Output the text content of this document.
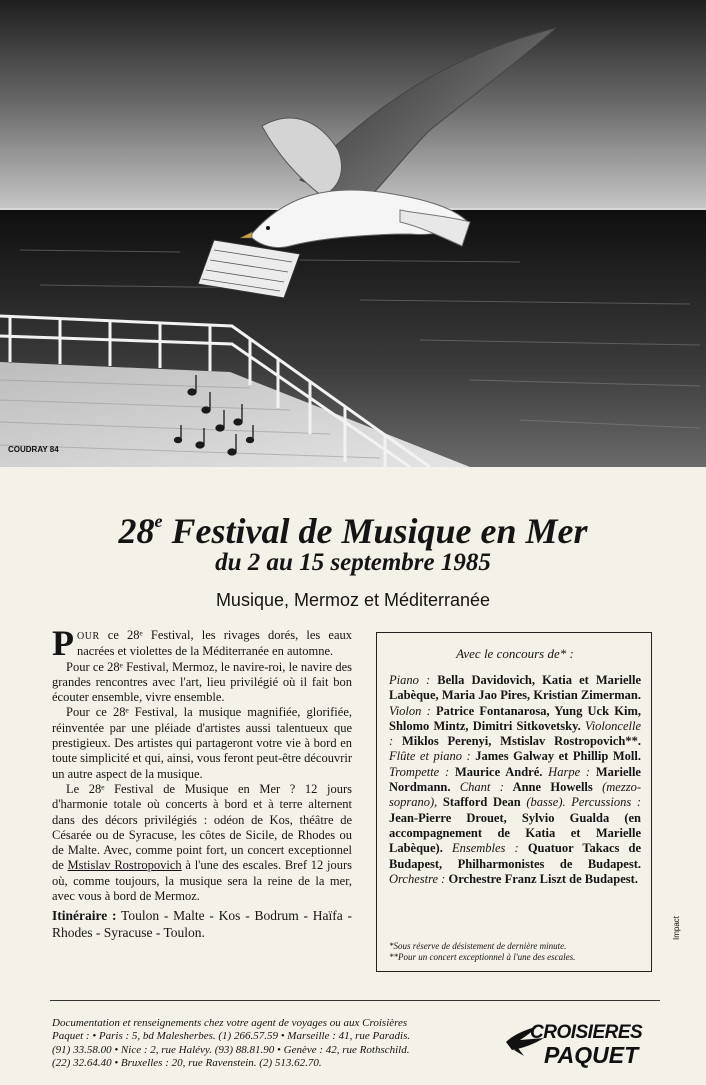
COUDRAY 84
28e Festival de Musique en Mer
du 2 au 15 septembre 1985
Musique, Mermoz et Méditerranée

POUR ce 28ᵉ Festival, les rivages dorés, les eaux nacrées et violettes de la Méditerranée en automne.

Pour ce 28ᵉ Festival, Mermoz, le navire-roi, le navire des grandes rencontres avec l'art, lieu privilégié où il fait bon écouter ensemble, vivre ensemble.

Pour ce 28ᵉ Festival, la musique magnifiée, glorifiée, réinventée par une pléiade d'artistes aussi talentueux que prestigieux. Des artistes qui partageront votre vie à bord en toute simplicité et qui, ainsi, vous feront peut-être découvrir un autre aspect de la musique.

Le 28ᵉ Festival de Musique en Mer ? 12 jours d'harmonie totale où concerts à bord et à terre alternent dans des décors privilégiés : odéon de Kos, théâtre de Césarée ou de Syracuse, les côtes de Sicile, de Rhodes ou de Malte. Avec, comme point fort, un concert exceptionnel de Mstislav Rostropovich à l'une des escales. Bref 12 jours où, comme toujours, la musique sera la reine de la mer, avec vous à bord de Mermoz.

Itinéraire : Toulon - Malte - Kos - Bodrum - Haïfa - Rhodes - Syracuse - Toulon.

Avec le concours de* :
Piano : Bella Davidovich, Katia et Marielle Labèque, Maria Jao Pires, Kristian Zimerman. Violon : Patrice Fontanarosa, Yung Uck Kim, Shlomo Mintz, Dimitri Sitkovetsky. Violoncelle : Miklos Perenyi, Mstislav Rostropovich**. Flûte et piano : James Galway et Phillip Moll. Trompette : Maurice André. Harpe : Marielle Nordmann. Chant : Anne Howells (mezzo-soprano), Stafford Dean (basse). Percussions : Jean-Pierre Drouet, Sylvio Gualda (en accompagnement de Katia et Marielle Labèque). Ensembles : Quatuor Takacs de Budapest, Philharmonistes de Budapest. Orchestre : Orchestre Franz Liszt de Budapest.
*Sous réserve de désistement de dernière minute.
**Pour un concert exceptionnel à l'une des escales.
Impact
Documentation et renseignements chez votre agent de voyages ou aux Croisières
Paquet : • Paris : 5, bd Malesherbes. (1) 266.57.59 • Marseille : 41, rue Paradis.
(91) 33.58.00 • Nice : 2, rue Halévy. (93) 88.81.90 • Genève : 42, rue Rothschild.
(22) 32.64.40 • Bruxelles : 20, rue Ravenstein. (2) 513.62.70.
CROISIERES
PAQUET
